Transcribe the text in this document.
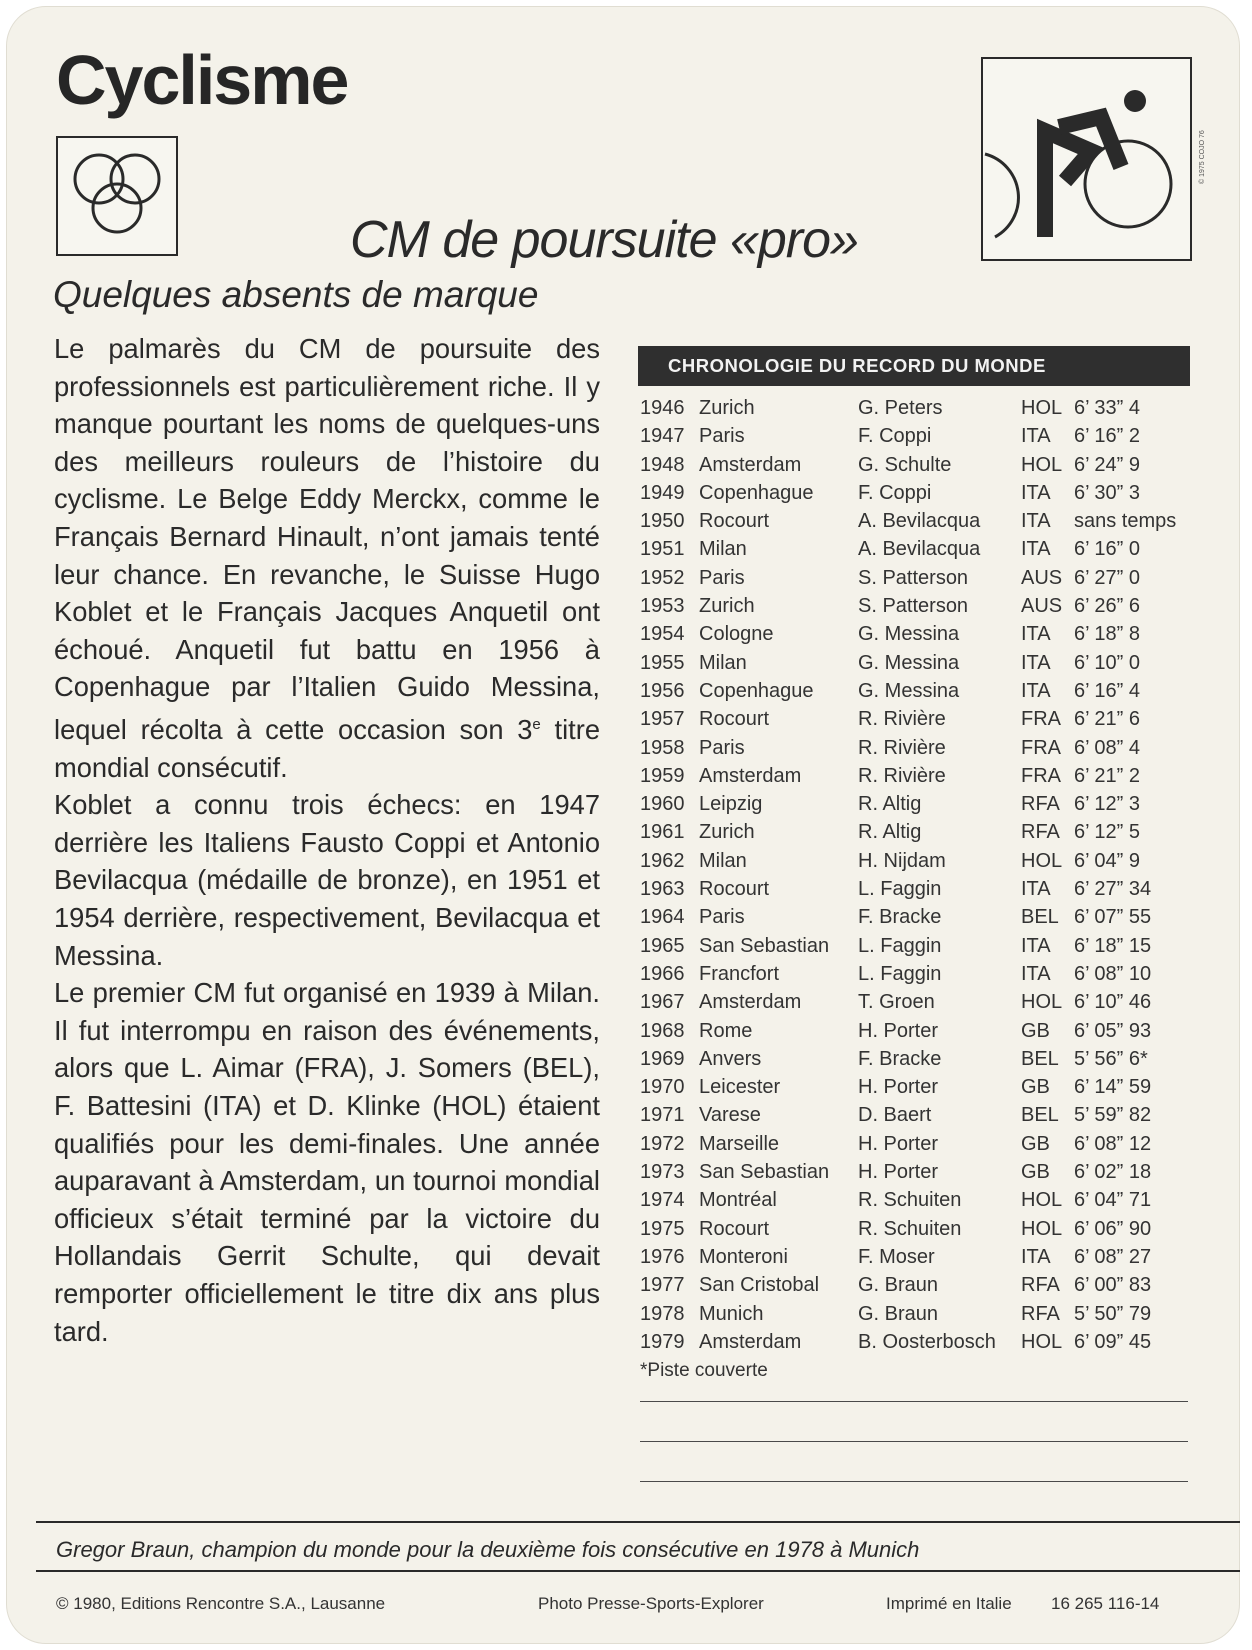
Cyclisme
© 1975 COJO 76
CM de poursuite «pro»
Quelques absents de marque

Le palmarès du CM de poursuite des professionnels est particulièrement riche. Il y manque pourtant les noms de quelques-uns des meilleurs rouleurs de l’histoire du cyclisme. Le Belge Eddy Merckx, comme le Français Bernard Hinault, n’ont jamais tenté leur chance. En revanche, le Suisse Hugo Koblet et le Français Jacques Anquetil ont échoué. Anquetil fut battu en 1956 à Copenhague par l’Italien Guido Messina, lequel récolta à cette occasion son 3e titre mondial consécutif.

Koblet a connu trois échecs: en 1947 derrière les Italiens Fausto Coppi et Antonio Bevilacqua (médaille de bronze), en 1951 et 1954 derrière, respectivement, Bevilacqua et Messina.

Le premier CM fut organisé en 1939 à Milan. Il fut interrompu en raison des événements, alors que L. Aimar (FRA), J. Somers (BEL), F. Battesini (ITA) et D. Klinke (HOL) étaient qualifiés pour les demi-finales. Une année auparavant à Amsterdam, un tournoi mondial officieux s’était terminé par la victoire du Hollandais Gerrit Schulte, qui devait remporter officiellement le titre dix ans plus tard.

CHRONOLOGIE DU RECORD DU MONDE
1946 Zurich	G. Peters	HOL 6’ 33” 4
1947 Paris	F. Coppi	ITA 6’ 16” 2
1948 Amsterdam	G. Schulte	HOL 6’ 24” 9
1949 Copenhague F. Coppi	ITA 6’ 30” 3
1950 Rocourt	A. Bevilacqua ITA sans temps
1951 Milan	A. Bevilacqua ITA 6’ 16” 0
1952 Paris	S. Patterson	AUS 6’ 27” 0
1953 Zurich	S. Patterson	AUS 6’ 26” 6
1954 Cologne	G. Messina	ITA 6’ 18” 8
1955 Milan	G. Messina	ITA 6’ 10” 0
1956 Copenhague G. Messina	ITA 6’ 16” 4
1957 Rocourt	R. Rivière	FRA 6’ 21” 6
1958 Paris	R. Rivière	FRA 6’ 08” 4
1959 Amsterdam	R. Rivière	FRA 6’ 21” 2
1960 Leipzig	R. Altig	RFA 6’ 12” 3
1961 Zurich	R. Altig	RFA 6’ 12” 5
1962 Milan	H. Nijdam	HOL 6’ 04” 9
1963 Rocourt	L. Faggin	ITA 6’ 27” 34
1964 Paris	F. Bracke	BEL 6’ 07” 55
1965 San Sebastian L. Faggin	ITA 6’ 18” 15
1966 Francfort	L. Faggin	ITA 6’ 08” 10
1967 Amsterdam	T. Groen	HOL 6’ 10” 46
1968 Rome	H. Porter	GB 6’ 05” 93
1969 Anvers	F. Bracke	BEL 5’ 56” 6*
1970 Leicester	H. Porter	GB 6’ 14” 59
1971 Varese	D. Baert	BEL 5’ 59” 82
1972 Marseille	H. Porter	GB 6’ 08” 12
1973 San Sebastian H. Porter	GB 6’ 02” 18
1974 Montréal	R. Schuiten	HOL 6’ 04” 71
1975 Rocourt	R. Schuiten	HOL 6’ 06” 90
1976 Monteroni	F. Moser	ITA 6’ 08” 27
1977 San Cristobal G. Braun	RFA 6’ 00” 83
1978 Munich	G. Braun	RFA 5’ 50” 79
1979 Amsterdam	B. Oosterbosch HOL 6’ 09” 45
*Piste couverte
Gregor Braun, champion du monde pour la deuxième fois consécutive en 1978 à Munich
© 1980, Editions Rencontre S.A., Lausanne	Photo Presse-Sports-Explorer	Imprimé en Italie 16 265 116-14
